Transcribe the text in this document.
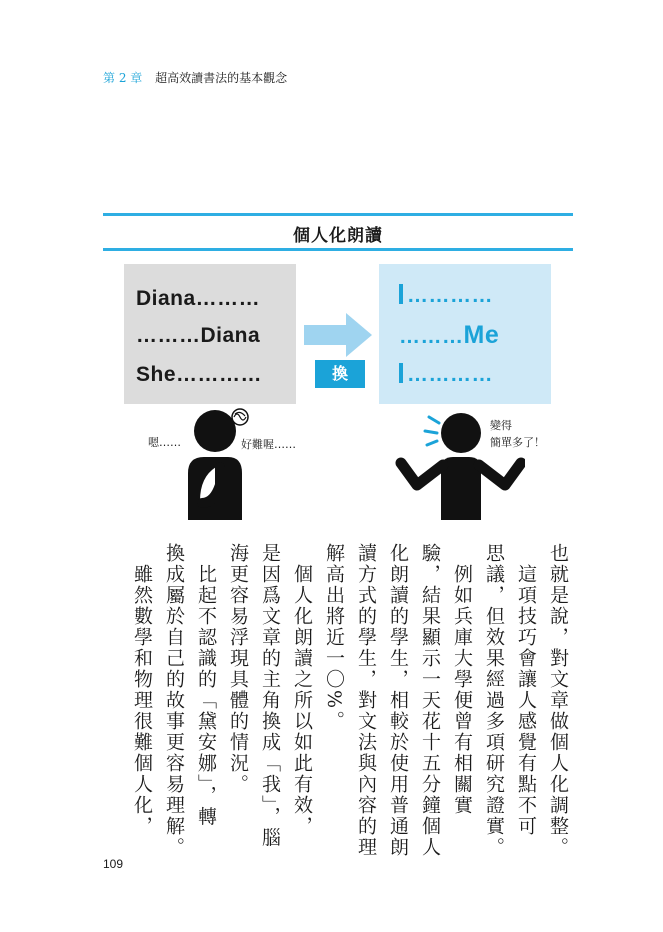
第 2 章 超高效讀書法的基本觀念
個人化朗讀
Diana………
………Diana
She…………	換
…………
………Me
…………
嗯……	好難喔……
變得
簡單多了！
也就是說，對文章做個人化調整。
　這項技巧會讓人感覺有點不可
思議，但效果經過多項研究證實。
　例如兵庫大學便曾有相關實
驗，結果顯示一天花十五分鐘個人
化朗讀的學生，相較於使用普通朗
讀方式的學生，對文法與內容的理
解高出將近一〇%。
　個人化朗讀之所以如此有效，
是因爲文章的主角換成「我」，腦
海更容易浮現具體的情況。
　比起不認識的「黛安娜」，轉
換成屬於自己的故事更容易理解。
　雖然數學和物理很難個人化，
109
